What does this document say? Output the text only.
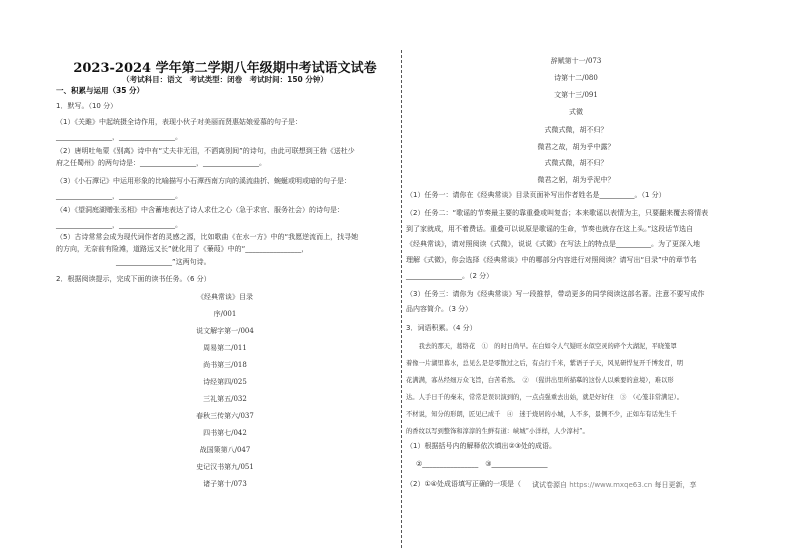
2023-2024 学年第二学期八年级期中考试语文试卷
（考试科目：语文　考试类型：闭卷　考试时间：150 分钟）
一、积累与运用（35 分）
1．默写。（10 分）
（1）《关雎》中起统摄全诗作用，表现小伙子对美丽而贤惠姑娘爱慕的句子是：
________________，________________。
（2）唐明吐龟蒙《别离》诗中有“丈夫非无泪，不洒离别间”的诗句，由此可联想到王勃《送杜少
府之任蜀州》的两句诗是：________________，________________。
（3）《小石潭记》中运用形象的比喻描写小石潭西南方向的溪流曲折、蜿蜒或明或暗的句子是：
________________，________________。
（4）《望洞庭湖赠张丞相》中含蓄地表达了诗人求仕之心（急于求官、服务社会）的诗句是：
________________，________________。
（5）古诗常常会成为现代词作者的灵感之源，比如歌曲《在水一方》中的“我愿逆流而上，找寻她
的方向，无奈前有险滩，道路远又长”就化用了《蒹葭》中的“________________，
________________”这两句诗。
2．根据阅读提示，完成下面的读书任务。（6 分）
《经典常谈》目录
序/001
说文解字第一/004
周易第二/011
尚书第三/018
诗经第四/025
三礼第五/032
春秋三传第六/037
四书第七/042
战国策第八/047
史记汉书第九/051
诸子第十/073
辞赋第十一/073
诗第十二/080
文第十三/091
式微
式微式微，胡不归？
微君之故，胡为乎中露？
式微式微，胡不归？
微君之躬，胡为乎泥中？
（1）任务一：请你在《经典常谈》目录页面补写出作者姓名是__________。（1 分）
（2）任务二：“歌谣的节奏最主要的靠重叠或叫复沓；本来歌谣以表情为主，只要翻来覆去将情表
到了家就成，用不着费话。重叠可以说原是歌谣的生命，节奏也就存在这上头。”这段话节选自
《经典常谈》，请对照阅读《式微》，说说《式微》在写法上的特点是__________。为了更深入地
理解《式微》，你会选择《经典常谈》中的哪部分内容进行对照阅读？请写出“目录”中的章节名
________________。（2 分）
（3）任务三：请你为《经典常谈》写一段推荐，带动更多的同学阅读这部名著。注意不要写成作
品内容简介。（3 分）
3．词语积累。（4 分）
　　我去的那天，葛络花　①　的时日尚早。在白如令人气疑旺水似空灵的碎个大湖泥，平晓笼罩
着像一片湖里暮水，总见么是是零散过之后，有点行千米，紫语子子天，风见研悍复开千博发苜，明
花满满，寡丛经细万众飞旨，白苦希然。　②　（猩讲出里所描摹的这份人以乘要的意境），难以形
达。人手日千的秦末，常常是误识演到的，一点点强重去出始，就是好好住　③　（心笼非常满足）。
不材说，知分的形朗，匠见已成千　④　迷于烧居的小城，人不多，景侧不少，正如车有话先生千
的香纹以写到整饰和淳淳的生鲜有道：峡城“小洋样，人少淳村”。
（1）根据括号内的解释依次填出②③处的成语。
②________________　③________________
（2）①④处成语填写正确的一项是（　　）
试试卷源自 https://www.mxqe63.cn 每日更新，享
